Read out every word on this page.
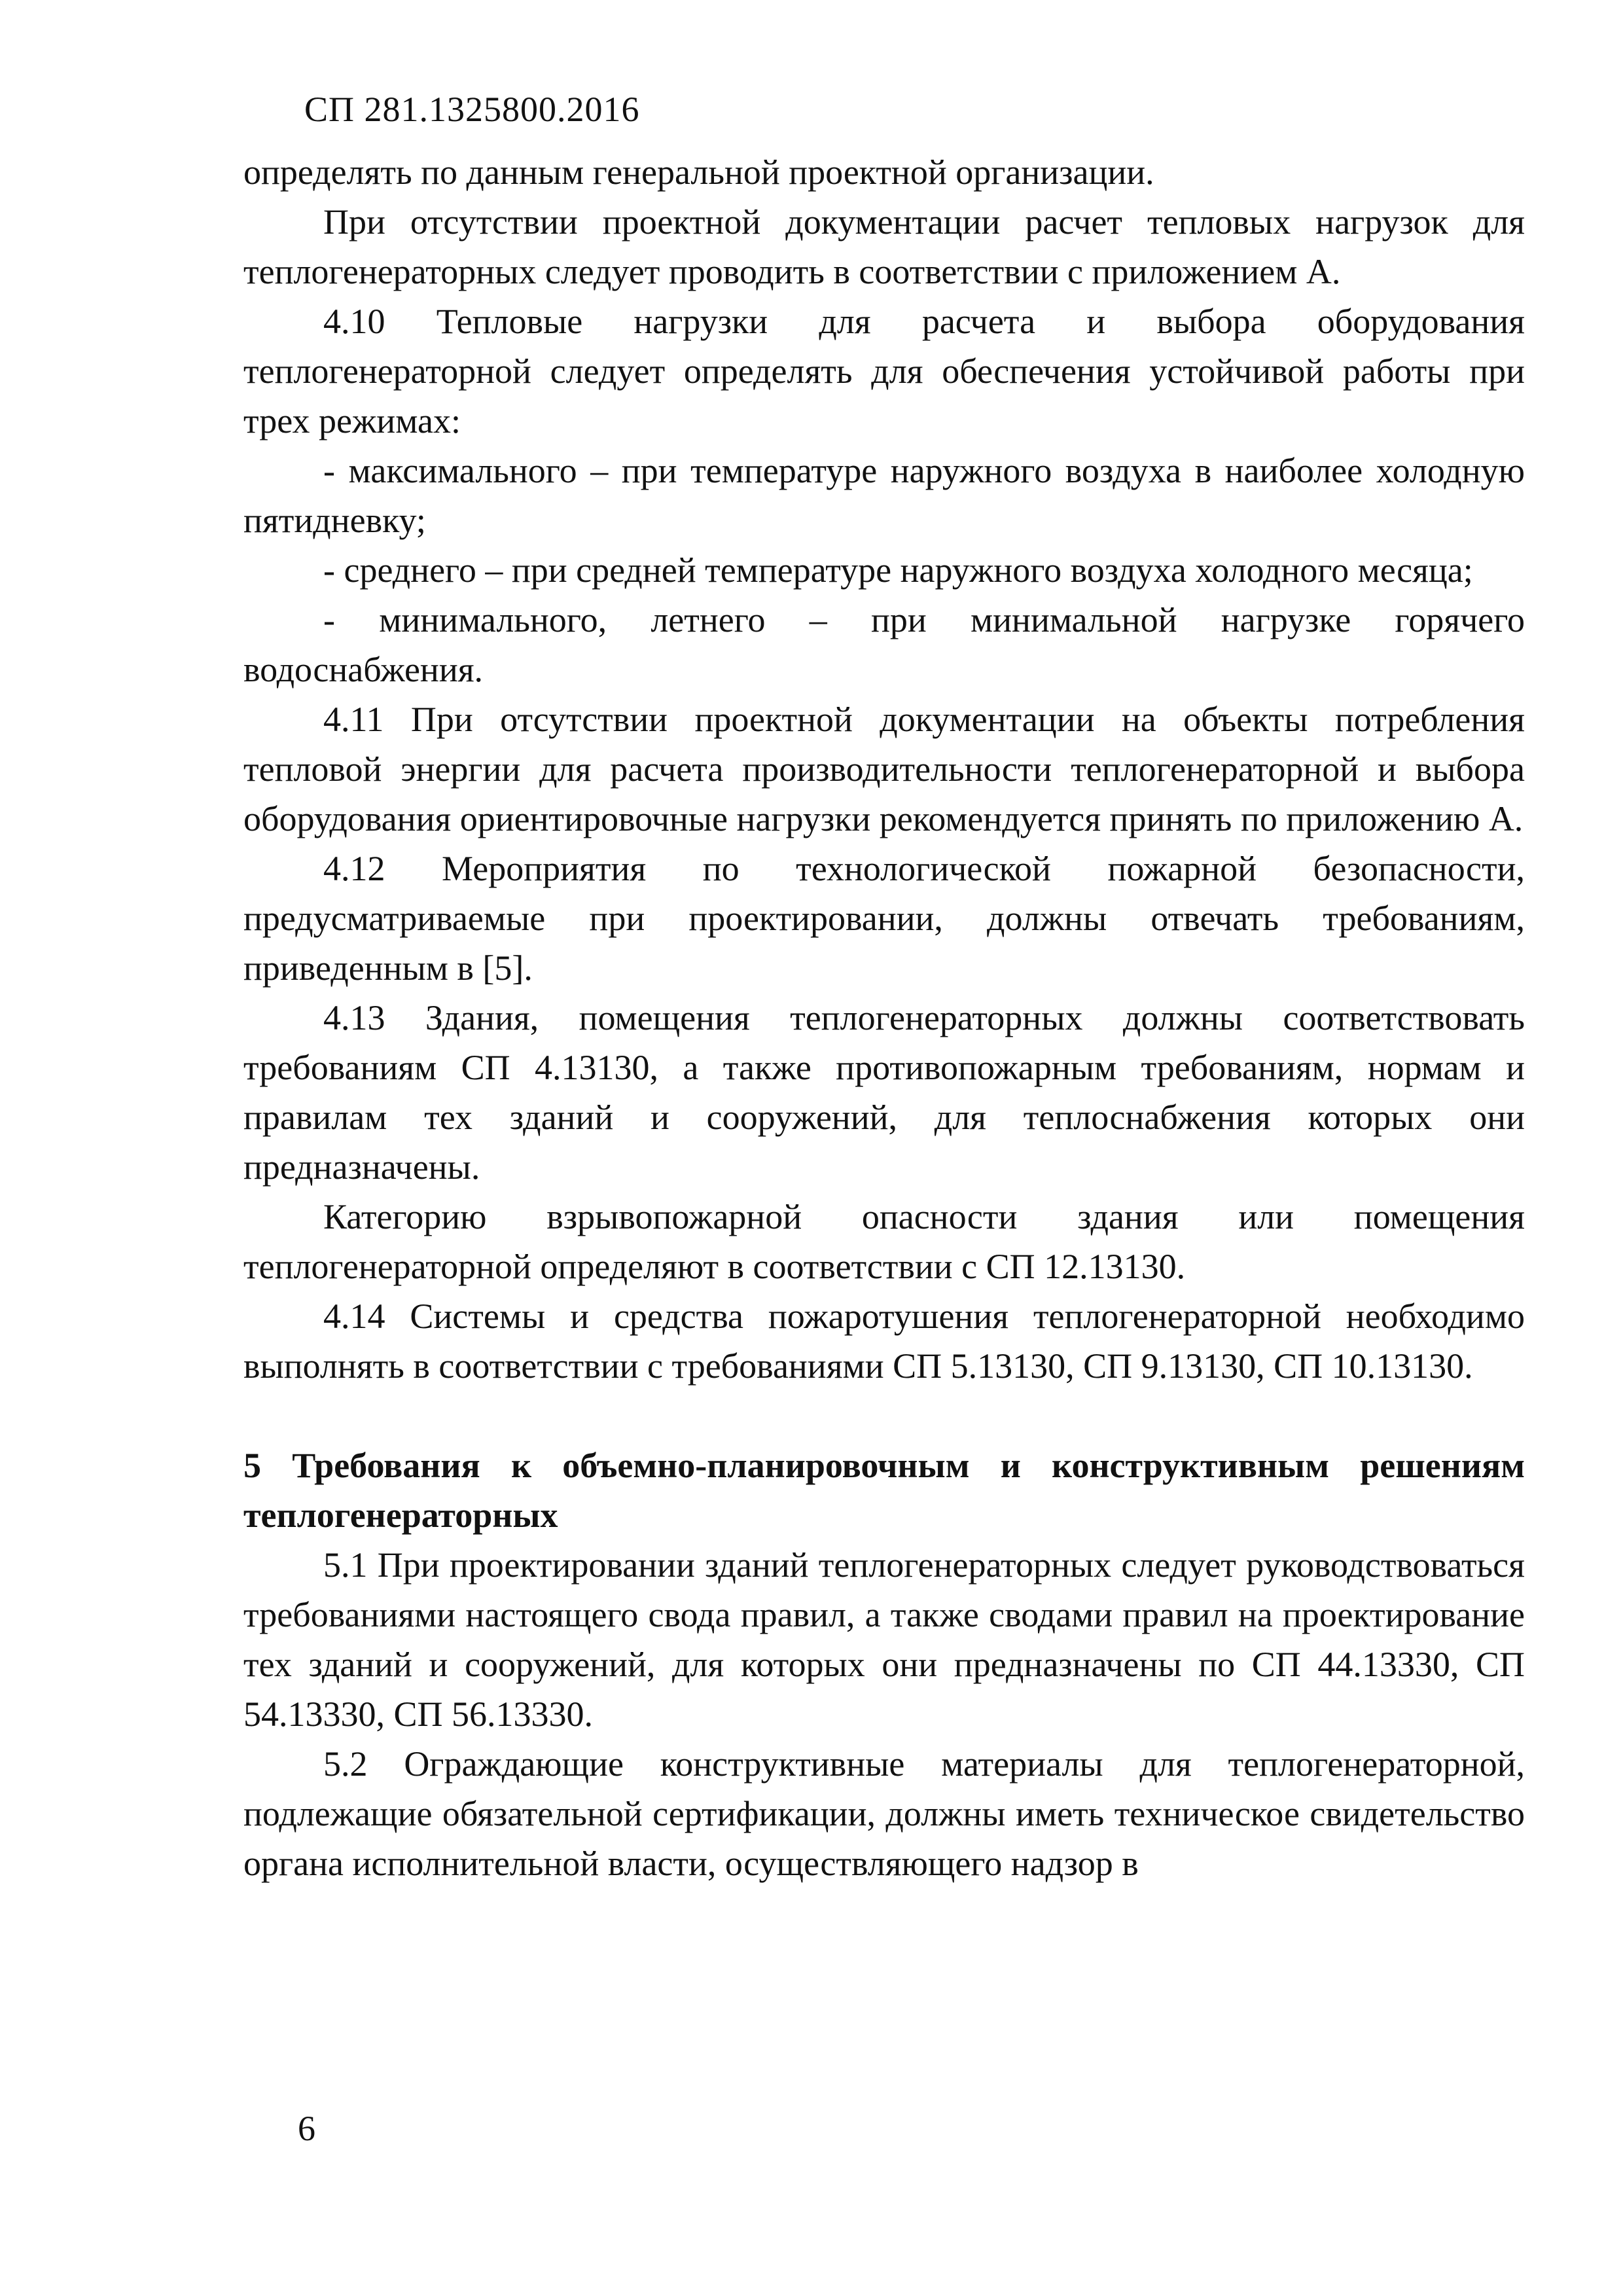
СП 281.1325800.2016

определять по данным генеральной проектной организации.

При отсутствии проектной документации расчет тепловых нагрузок для теплогенераторных следует проводить в соответствии с приложением А.

4.10 Тепловые нагрузки для расчета и выбора оборудования теплогенераторной следует определять для обеспечения устойчивой работы при трех режимах:

- максимального – при температуре наружного воздуха в наиболее холодную пятидневку;

- среднего – при средней температуре наружного воздуха холодного месяца;

- минимального, летнего – при минимальной нагрузке горячего водоснабжения.

4.11 При отсутствии проектной документации на объекты потребления тепловой энергии для расчета производительности теплогенераторной и выбора оборудования ориентировочные нагрузки рекомендуется принять по приложению А.

4.12 Мероприятия по технологической пожарной безопасности, предусматриваемые при проектировании, должны отвечать требованиям, приведенным в [5].

4.13 Здания, помещения теплогенераторных должны соответствовать требованиям СП 4.13130, а также противопожарным требованиям, нормам и правилам тех зданий и сооружений, для теплоснабжения которых они предназначены.

Категорию взрывопожарной опасности здания или помещения теплогенераторной определяют в соответствии с СП 12.13130.

4.14 Системы и средства пожаротушения теплогенераторной необходимо выполнять в соответствии с требованиями СП 5.13130, СП 9.13130, СП 10.13130.

5 Требования к объемно-планировочным и конструктивным решениям теплогенераторных

5.1 При проектировании зданий теплогенераторных следует руководствоваться требованиями настоящего свода правил, а также сводами правил на проектирование тех зданий и сооружений, для которых они предназначены по СП 44.13330, СП 54.13330, СП 56.13330.

5.2 Ограждающие конструктивные материалы для теплогенераторной, подлежащие обязательной сертификации, должны иметь техническое свидетельство органа исполнительной власти, осуществляющего надзор в

6
